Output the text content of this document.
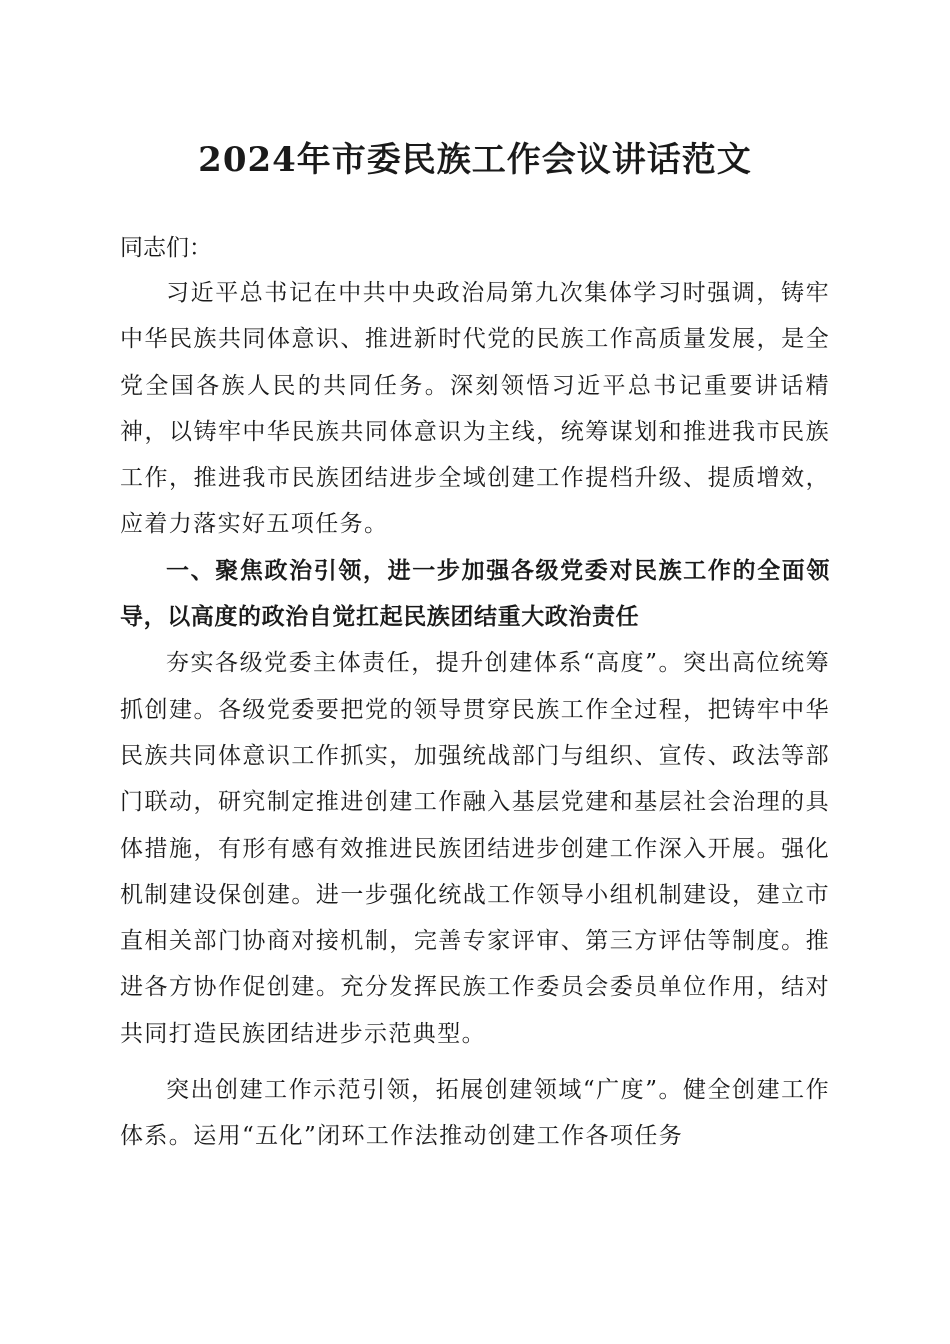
2024年市委民族工作会议讲话范文

同志们：

习近平总书记在中共中央政治局第九次集体学习时强调，铸牢中华民族共同体意识、推进新时代党的民族工作高质量发展，是全党全国各族人民的共同任务。深刻领悟习近平总书记重要讲话精神，以铸牢中华民族共同体意识为主线，统筹谋划和推进我市民族工作，推进我市民族团结进步全域创建工作提档升级、提质增效，应着力落实好五项任务。

一、聚焦政治引领，进一步加强各级党委对民族工作的全面领导，以高度的政治自觉扛起民族团结重大政治责任

夯实各级党委主体责任，提升创建体系“高度”。突出高位统筹抓创建。各级党委要把党的领导贯穿民族工作全过程，把铸牢中华民族共同体意识工作抓实，加强统战部门与组织、宣传、政法等部门联动，研究制定推进创建工作融入基层党建和基层社会治理的具体措施，有形有感有效推进民族团结进步创建工作深入开展。强化机制建设保创建。进一步强化统战工作领导小组机制建设，建立市直相关部门协商对接机制，完善专家评审、第三方评估等制度。推进各方协作促创建。充分发挥民族工作委员会委员单位作用，结对共同打造民族团结进步示范典型。

突出创建工作示范引领，拓展创建领域“广度”。健全创建工作体系。运用“五化”闭环工作法推动创建工作各项任务
